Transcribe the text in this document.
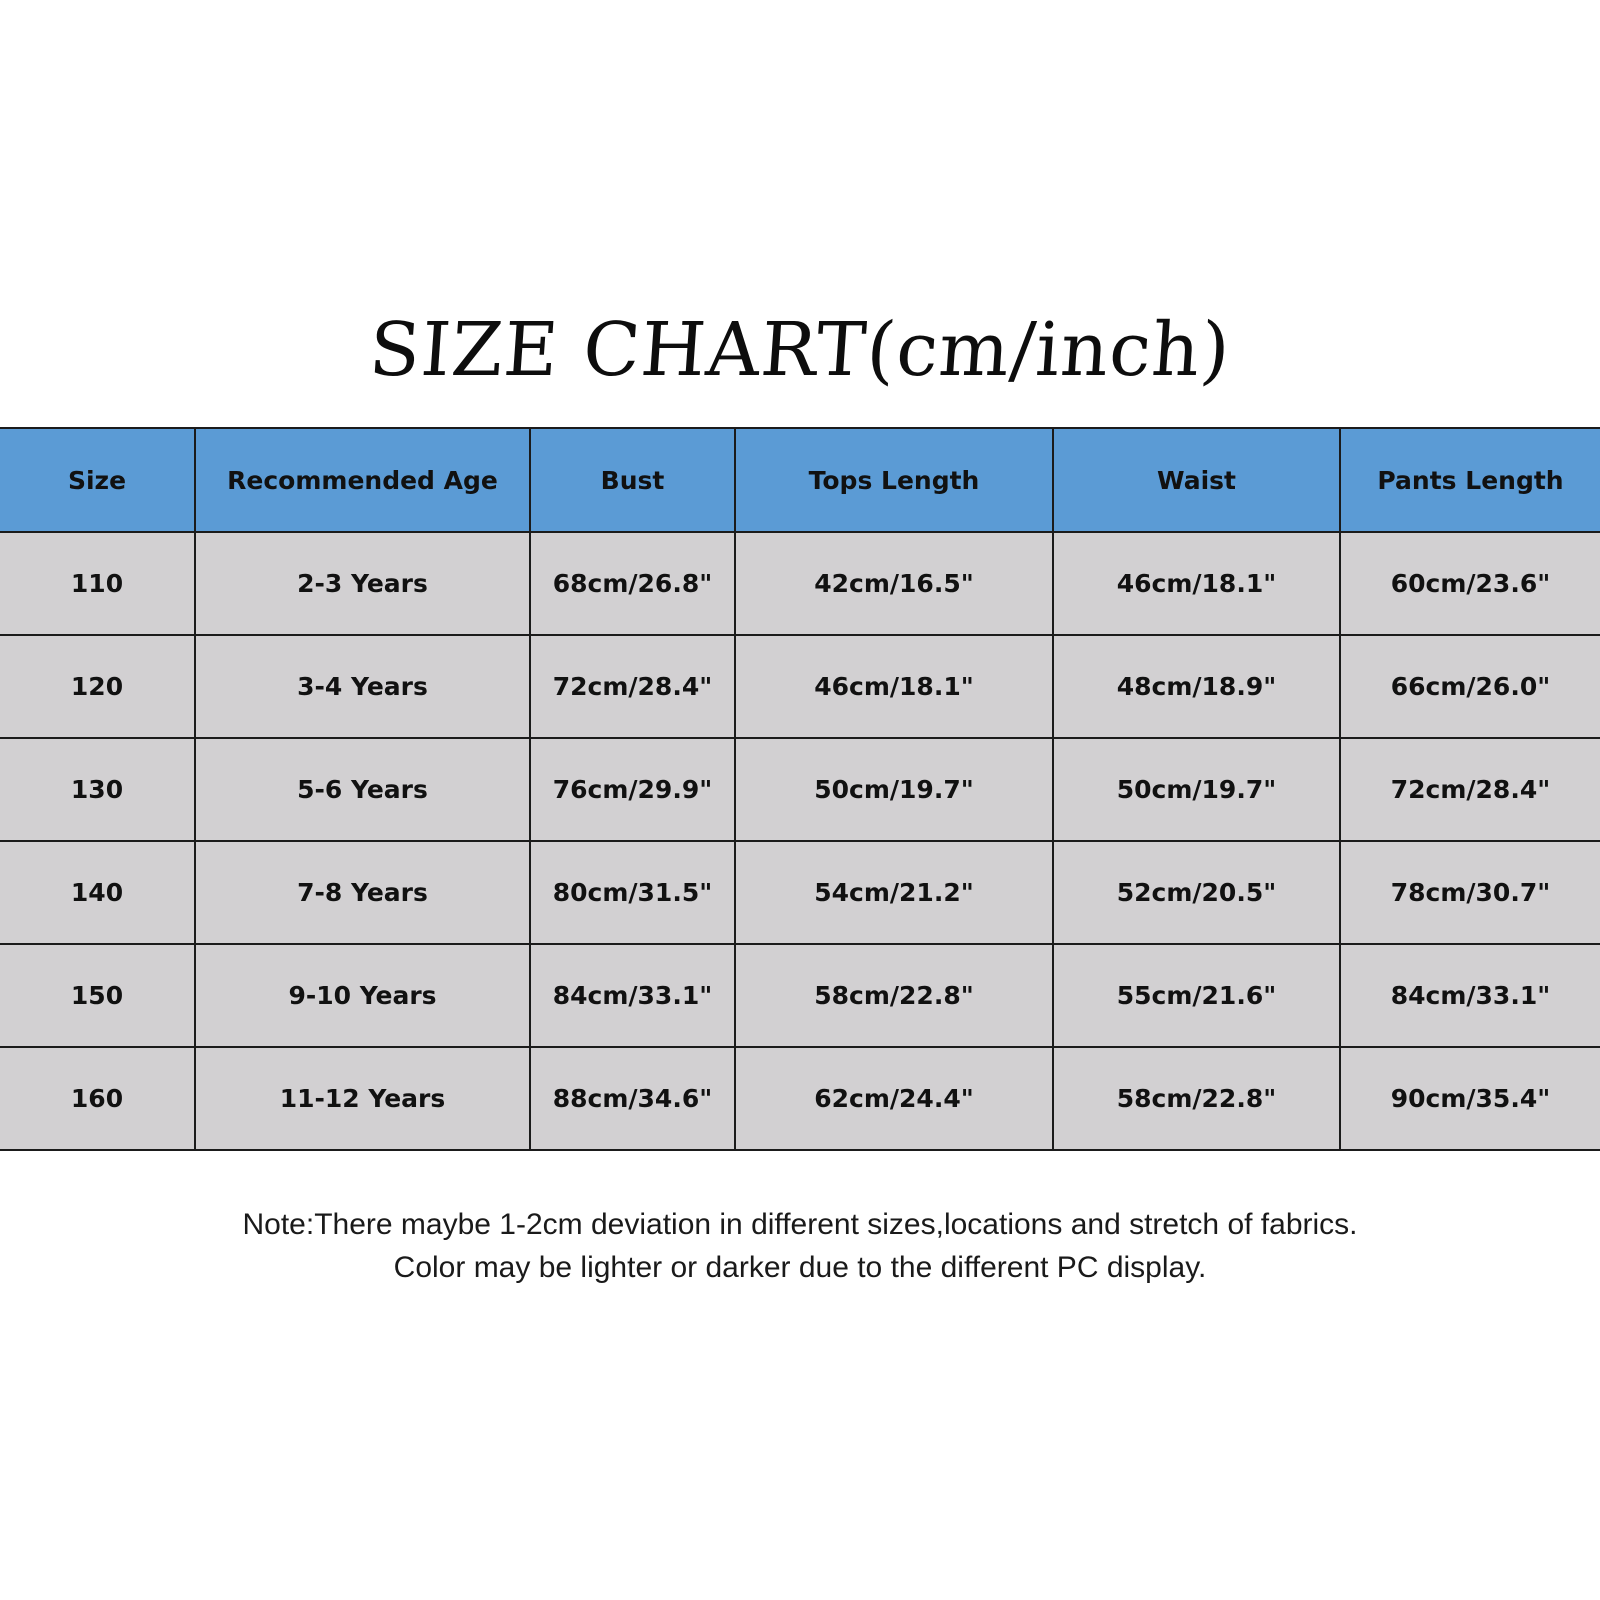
SIZE CHART(cm/inch)
Size	Recommended Age	Bust	Tops Length	Waist	Pants Length
110	2-3 Years	68cm/26.8"	42cm/16.5"	46cm/18.1"	60cm/23.6"
120	3-4 Years	72cm/28.4"	46cm/18.1"	48cm/18.9"	66cm/26.0"
130	5-6 Years	76cm/29.9"	50cm/19.7"	50cm/19.7"	72cm/28.4"
140	7-8 Years	80cm/31.5"	54cm/21.2"	52cm/20.5"	78cm/30.7"
150	9-10 Years	84cm/33.1"	58cm/22.8"	55cm/21.6"	84cm/33.1"
160	11-12 Years	88cm/34.6"	62cm/24.4"	58cm/22.8"	90cm/35.4"
Note:There maybe 1-2cm deviation in different sizes,locations and stretch of fabrics.
Color may be lighter or darker due to the different PC display.
